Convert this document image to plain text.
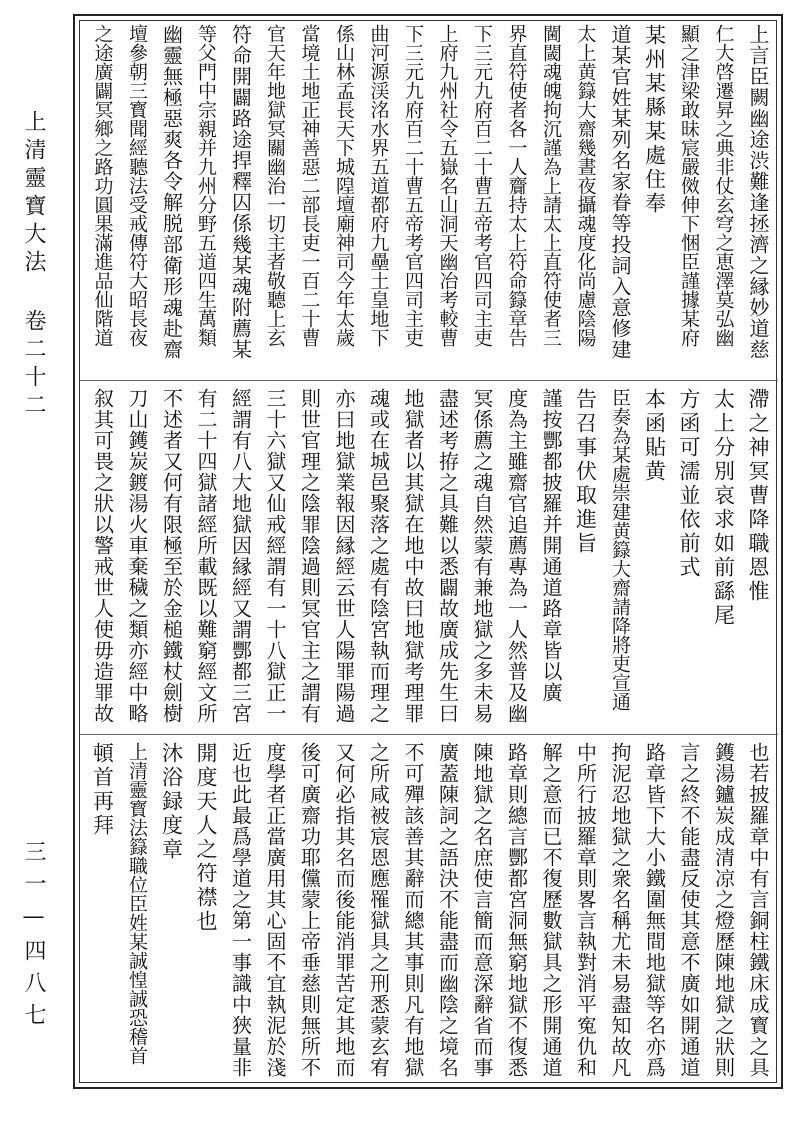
上清靈寶大法 卷二十二
三一—四八七
上言臣闕幽途渋難逢拯濟之縁妙道慈
仁大啓遷昇之典非仗玄穹之恵澤莫弘幽
顯之津梁敢昧宸嚴傚伸下悃臣謹據某府
某州某縣某處住奉
道某官姓某列名家眷等投詞入意修建
太上黄籙大齋幾晝夜攝魂度化尚慮陰陽
閫閾魂魄拘沉謹為上請太上直符使者三
界直符使者各一人齎持太上符命籙章告
下三元九府百二十曹五帝考官四司主吏
上府九州社令五嶽名山洞天幽冶考較曹
下三元九府百二十曹五帝考官四司主吏
曲河源渓洺水界五道都府九壘土皇地下
係山林孟長天下城隍壇廟神司今年太歲
當境土地正神善惡二部長吏一百二十曹
官天年地獄冥關幽治一切主者敬聽上玄
符命開闢路途捍釋囚係幾某魂附薦某
等父門中宗親并九州分野五道四生萬類
幽靈無極惡爽各令解脱部衛形魂赴齋
壇參朝三寳聞經聽法受戒傳符大昭長夜
之途廣闢冥鄉之路功圓果滿進品仙階道
滯之神冥曹降職恩惟
太上分別哀求如前繇尾
方函可濡並依前式
本函貼黄
臣奏為某處崇建黄籙大齋請降將吏宣通
告召事伏取進旨
謹按酆都披羅并開通道路章皆以廣
度為主雖齋官追薦專為一人然普及幽
冥係薦之魂自然蒙有兼地獄之多未易
盡述考拵之具難以悉闢故廣成先生曰
地獄者以其獄在地中故曰地獄考理罪
魂或在城邑聚落之處有陰宮執而理之
亦曰地獄業報因縁經云世人陽罪陽過
則世官理之陰罪陰過則冥官主之謂有
三十六獄又仙戒經謂有一十八獄正一
經謂有八大地獄因縁經又謂酆都三宮
有二十四獄諸經所載既以難窮經文所
不述者又何有限極至於金槌鐵杖劍樹
刀山鑊炭鍍湯火車棄穢之類亦經中略
叙其可畏之狀以警戒世人使毋造罪故
也若披羅章中有言銅柱鐵床成寳之具
鑊湯鑪炭成清凉之燈歷陳地獄之狀則
言之終不能盡反使其意不廣如開通道
路章皆下大小鐵圍無間地獄等名亦爲
拘泥忍地獄之衆名稱尤未易盡知故凡
中所行披羅章則畧言執對消平寃仇和
解之意而已不復歷數獄具之形開通道
路章則總言酆都宮洞無窮地獄不復悉
陳地獄之名庶使言簡而意深辭省而事
廣蓋陳詞之語決不能盡而幽陰之境名
不可殫該善其辭而總其事則凡有地獄
之所咸被宸恩應罹獄具之刑悉蒙玄宥
又何必指其名而後能消罪苦定其地而
後可廣齋功耶儻蒙上帝垂慈則無所不
度學者正當廣用其心固不宜執泥於淺
近也此最爲學道之第一事識中狹量非
開度天人之符襟也
沐浴録度章
上清靈寳法籙職位臣姓某誠惶誠恐稽首
頓首再拜
